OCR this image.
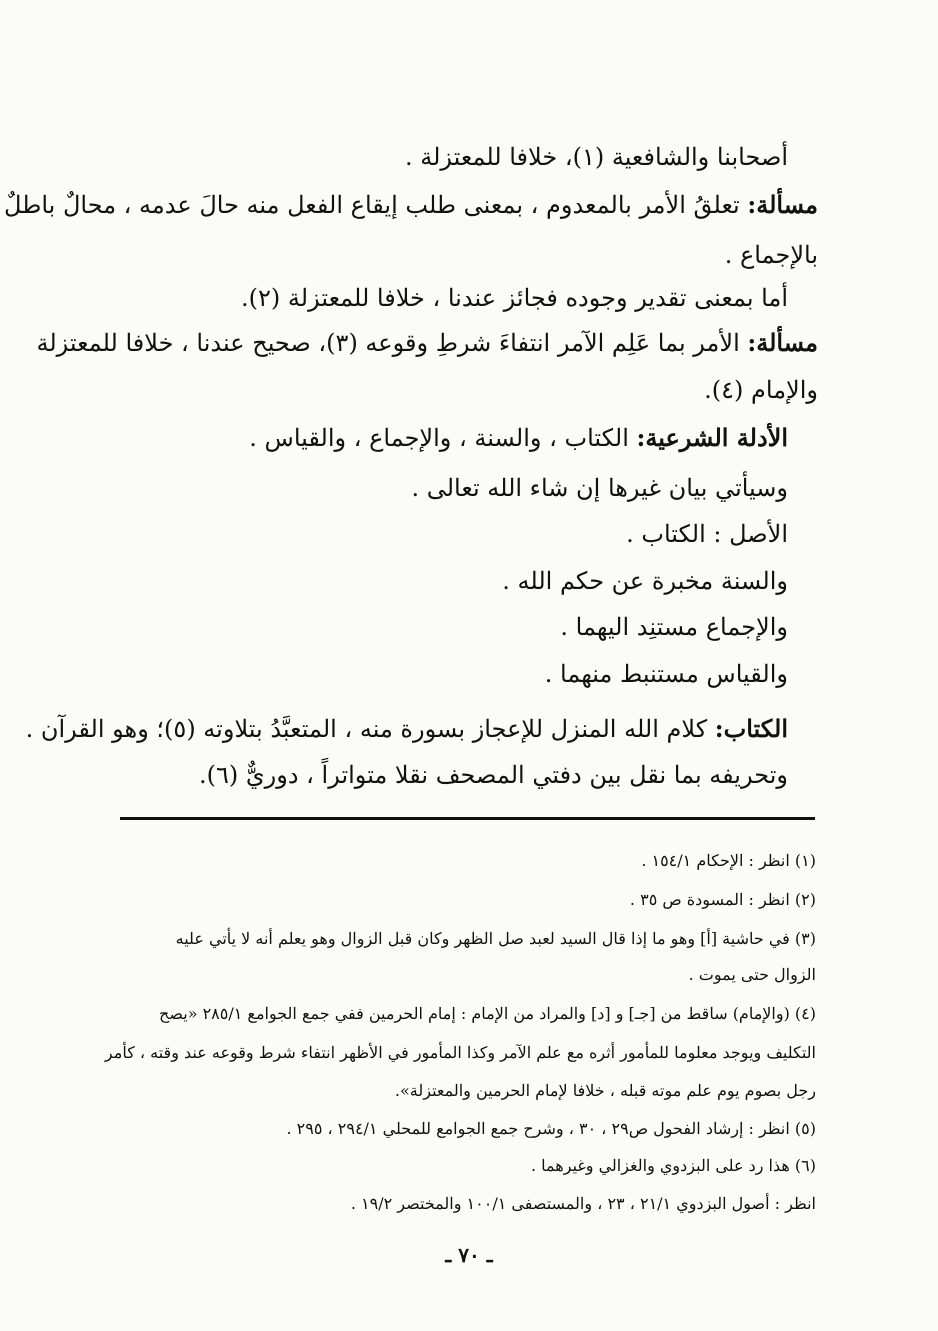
أصحابنا والشافعية (١)، خلافا للمعتزلة .
مسألة: تعلقُ الأمر بالمعدوم ، بمعنى طلب إيقاع الفعل منه حالَ عدمه ، محالٌ باطلٌ
بالإجماع .
أما بمعنى تقدير وجوده فجائز عندنا ، خلافا للمعتزلة (٢).
مسألة: الأمر بما عَلِم الآمر انتفاءَ شرطِ وقوعه (٣)، صحيح عندنا ، خلافا للمعتزلة
والإمام (٤).
الأدلة الشرعية: الكتاب ، والسنة ، والإجماع ، والقياس .
وسيأتي بيان غيرها إن شاء الله تعالى .
الأصل : الكتاب .
والسنة مخبرة عن حكم الله .
والإجماع مستنِد اليهما .
والقياس مستنبط منهما .
الكتاب: كلام الله المنزل للإعجاز بسورة منه ، المتعبَّدُ بتلاوته (٥)؛ وهو القرآن .
وتحريفه بما نقل بين دفتي المصحف نقلا متواتراً ، دوريٌّ (٦).
(١) انظر : الإحكام ١٥٤/١ .
(٢) انظر : المسودة ص ٣٥ .
(٣) في حاشية [أ] وهو ما إذا قال السيد لعبد صل الظهر وكان قبل الزوال وهو يعلم أنه لا يأتي عليه
الزوال حتى يموت .
(٤) (والإمام) ساقط من [جـ] و [د] والمراد من الإمام : إمام الحرمين ففي جمع الجوامع ٢٨٥/١ «يصح
التكليف ويوجد معلوما للمأمور أثره مع علم الآمر وكذا المأمور في الأظهر انتفاء شرط وقوعه عند وقته ، كأمر
رجل بصوم يوم علم موته قبله ، خلافا لإمام الحرمين والمعتزلة».
(٥) انظر : إرشاد الفحول ص٢٩ ، ٣٠ ، وشرح جمع الجوامع للمحلي ٢٩٤/١ ، ٢٩٥ .
(٦) هذا رد على البزدوي والغزالي وغيرهما .
انظر : أصول البزدوي ٢١/١ ، ٢٣ ، والمستصفى ١٠٠/١ والمختصر ١٩/٢ .
ـ ٧٠ ـ
